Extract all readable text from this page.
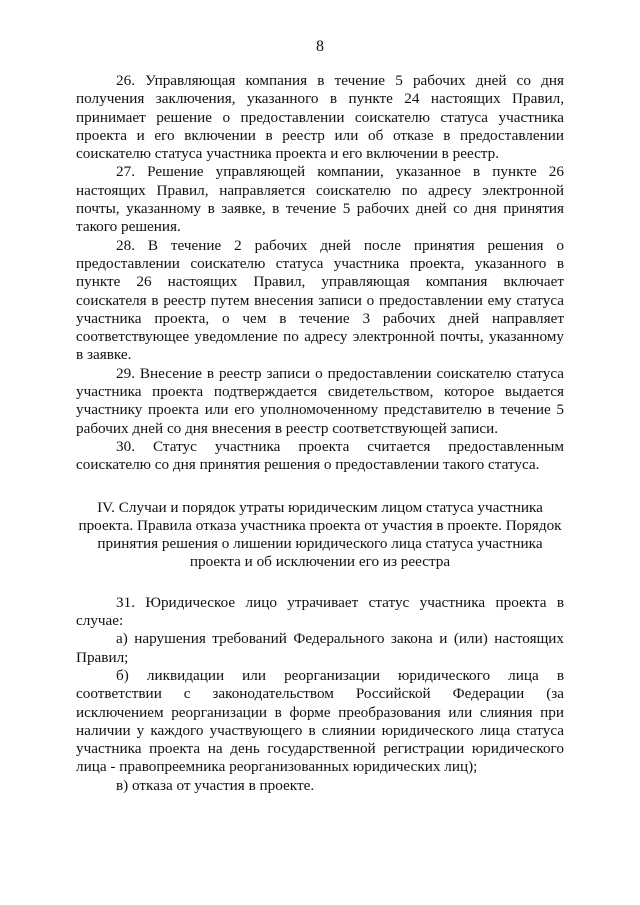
8

26. Управляющая компания в течение 5 рабочих дней со дня получения заключения, указанного в пункте 24 настоящих Правил, принимает решение о предоставлении соискателю статуса участника проекта и его включении в реестр или об отказе в предоставлении соискателю статуса участника проекта и его включении в реестр.

27. Решение управляющей компании, указанное в пункте 26 настоящих Правил, направляется соискателю по адресу электронной почты, указанному в заявке, в течение 5 рабочих дней со дня принятия такого решения.

28. В течение 2 рабочих дней после принятия решения о предоставлении соискателю статуса участника проекта, указанного в пункте 26 настоящих Правил, управляющая компания включает соискателя в реестр путем внесения записи о предоставлении ему статуса участника проекта, о чем в течение 3 рабочих дней направляет соответствующее уведомление по адресу электронной почты, указанному в заявке.

29. Внесение в реестр записи о предоставлении соискателю статуса участника проекта подтверждается свидетельством, которое выдается участнику проекта или его уполномоченному представителю в течение 5 рабочих дней со дня внесения в реестр соответствующей записи.

30. Статус участника проекта считается предоставленным соискателю со дня принятия решения о предоставлении такого статуса.

IV. Случаи и порядок утраты юридическим лицом статуса участника проекта. Правила отказа участника проекта от участия в проекте. Порядок принятия решения о лишении юридического лица статуса участника проекта и об исключении его из реестра

31. Юридическое лицо утрачивает статус участника проекта в случае:

а) нарушения требований Федерального закона и (или) настоящих Правил;

б) ликвидации или реорганизации юридического лица в соответствии с законодательством Российской Федерации (за исключением реорганизации в форме преобразования или слияния при наличии у каждого участвующего в слиянии юридического лица статуса участника проекта на день государственной регистрации юридического лица - правопреемника реорганизованных юридических лиц);

в) отказа от участия в проекте.
